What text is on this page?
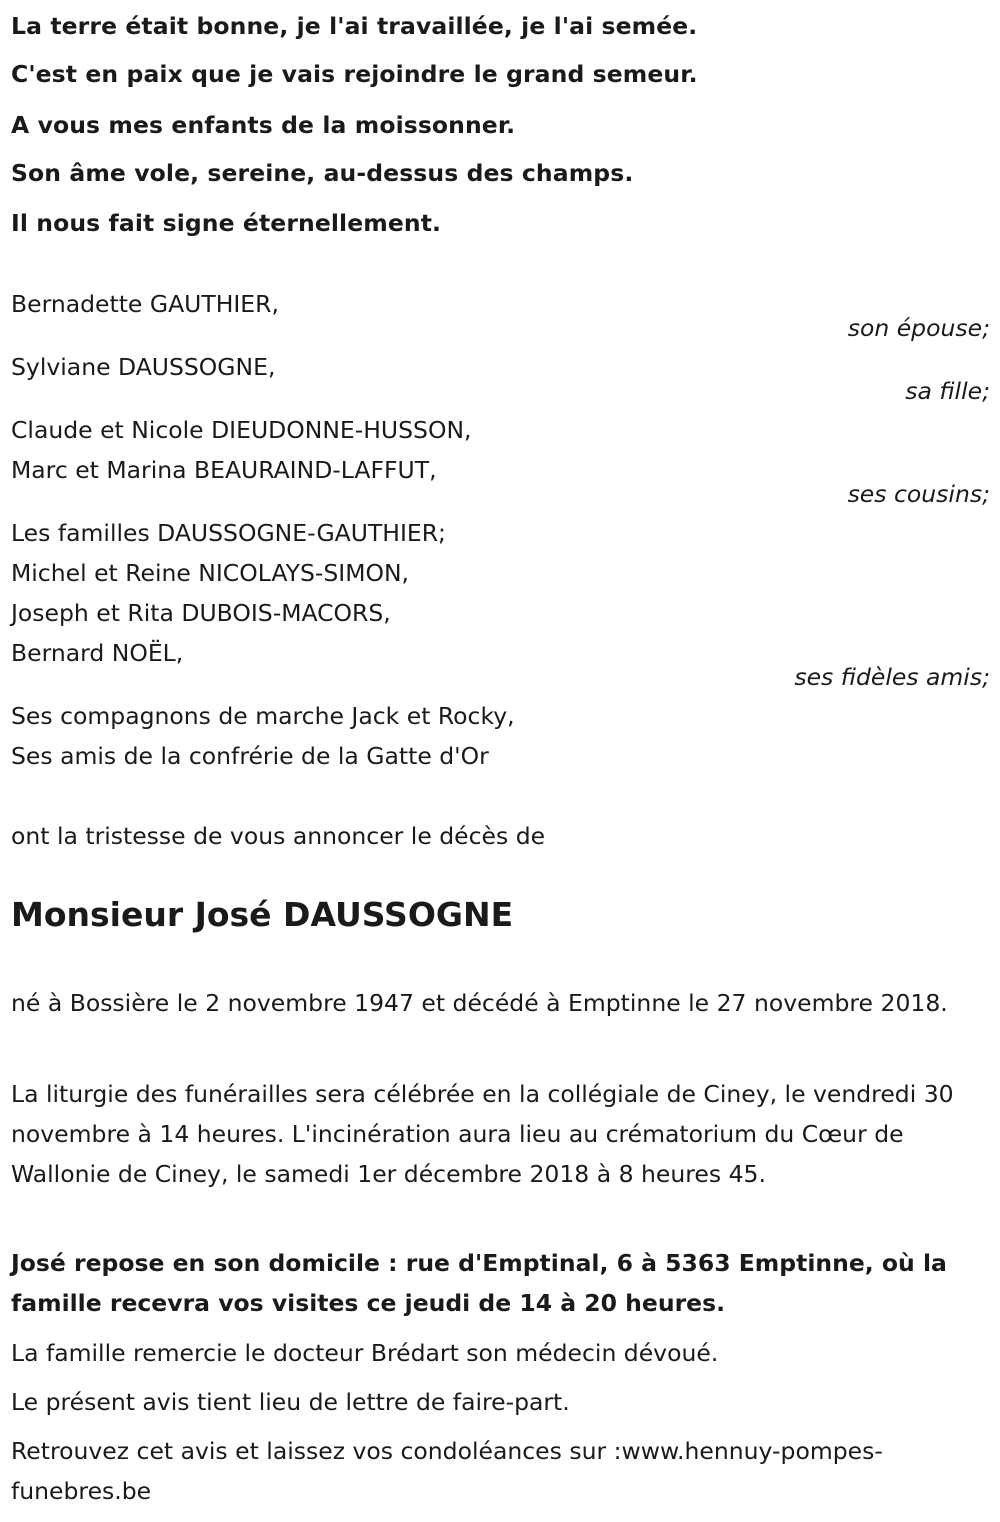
La terre était bonne, je l'ai travaillée, je l'ai semée.
C'est en paix que je vais rejoindre le grand semeur.
A vous mes enfants de la moissonner.
Son âme vole, sereine, au-dessus des champs.
Il nous fait signe éternellement.
Bernadette GAUTHIER,
son épouse;
Sylviane DAUSSOGNE,
sa fille;
Claude et Nicole DIEUDONNE-HUSSON,
Marc et Marina BEAURAIND-LAFFUT,
ses cousins;
Les familles DAUSSOGNE-GAUTHIER;
Michel et Reine NICOLAYS-SIMON,
Joseph et Rita DUBOIS-MACORS,
Bernard NOËL,
ses fidèles amis;
Ses compagnons de marche Jack et Rocky,
Ses amis de la confrérie de la Gatte d'Or
ont la tristesse de vous annoncer le décès de
Monsieur José DAUSSOGNE
né à Bossière le 2 novembre 1947 et décédé à Emptinne le 27 novembre 2018.
La liturgie des funérailles sera célébrée en la collégiale de Ciney, le vendredi 30 novembre à 14 heures. L'incinération aura lieu au crématorium du Cœur de Wallonie de Ciney, le samedi 1er décembre 2018 à 8 heures 45.
José repose en son domicile : rue d'Emptinal, 6 à 5363 Emptinne, où la famille recevra vos visites ce jeudi de 14 à 20 heures.
La famille remercie le docteur Brédart son médecin dévoué.
Le présent avis tient lieu de lettre de faire-part.
Retrouvez cet avis et laissez vos condoléances sur :www.hennuy-pompes-funebres.be
